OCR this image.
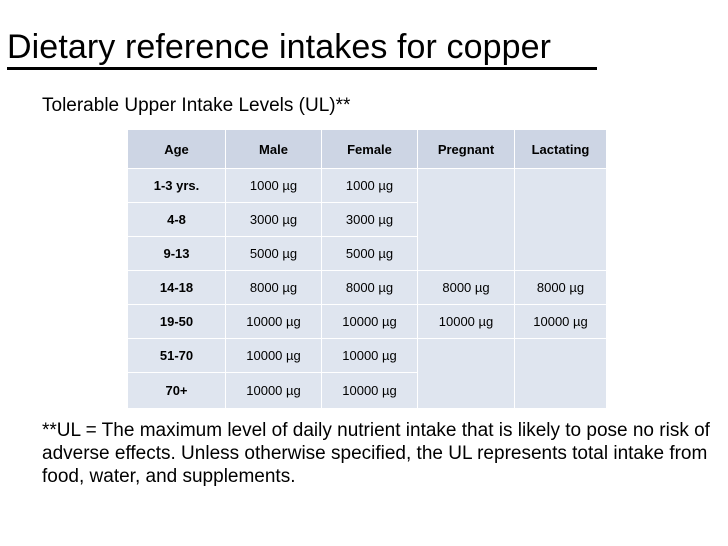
Dietary reference intakes for copper
Tolerable Upper Intake Levels (UL)**
Age	Male	Female	Pregnant	Lactating
1-3 yrs.	1000 µg	1000 µg		
4-8	3000 µg	3000 µg		
9-13	5000 µg	5000 µg		
14-18	8000 µg	8000 µg	8000 µg	8000 µg
19-50	10000 µg	10000 µg	10000 µg	10000 µg
51-70	10000 µg	10000 µg		
70+	10000 µg	10000 µg		
**UL = The maximum level of daily nutrient intake that is likely to pose no risk of adverse effects. Unless otherwise specified, the UL represents total intake from food, water, and supplements.
